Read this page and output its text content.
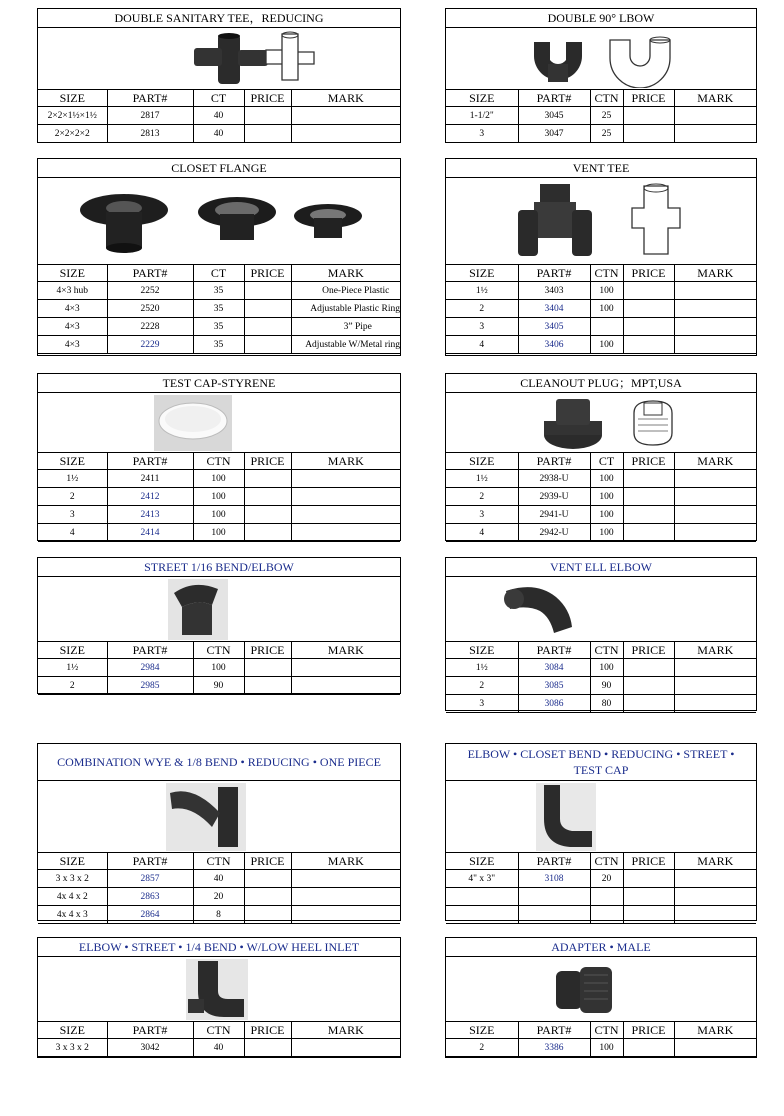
DOUBLE SANITARY TEE，REDUCING
SIZE	PART#	CT	PRICE	MARK
2×2×1½×1½	2817	40		
2×2×2×2	2813	40		
DOUBLE 90° LBOW
SIZE	PART#	CTN	PRICE	MARK
1-1/2"	3045	25		
3	3047	25		
CLOSET FLANGE
SIZE	PART#	CT	PRICE	MARK
4×3 hub	2252	35		One-Piece Plastic
4×3	2520	35		Adjustable Plastic Ring
4×3	2228	35		3” Pipe
4×3	2229	35		Adjustable W/Metal ring
VENT TEE
SIZE	PART#	CTN	PRICE	MARK
1½	3403	100		
2	3404	100		
3	3405			
4	3406	100		
TEST CAP-STYRENE
SIZE	PART#	CTN	PRICE	MARK
1½	2411	100		
2	2412	100		
3	2413	100		
4	2414	100		
CLEANOUT PLUG；MPT,USA
SIZE	PART#	CT	PRICE	MARK
1½	2938-U	100		
2	2939-U	100		
3	2941-U	100		
4	2942-U	100		
STREET 1/16 BEND/ELBOW
SIZE	PART#	CTN	PRICE	MARK
1½	2984	100		
2	2985	90		
VENT ELL ELBOW
SIZE	PART#	CTN	PRICE	MARK
1½	3084	100		
2	3085	90		
3	3086	80		
COMBINATION WYE & 1/8 BEND • REDUCING • ONE PIECE
SIZE	PART#	CTN	PRICE	MARK
3 x 3 x 2	2857	40		
4x 4 x 2	2863	20		
4x 4 x 3	2864	8		
ELBOW • CLOSET BEND • REDUCING • STREET • TEST CAP
SIZE	PART#	CTN	PRICE	MARK
4" x 3"	3108	20		

ELBOW • STREET • 1/4 BEND • W/LOW HEEL INLET
SIZE	PART#	CTN	PRICE	MARK
3 x 3 x 2	3042	40		
ADAPTER • MALE
SIZE	PART#	CTN	PRICE	MARK
2	3386	100		
